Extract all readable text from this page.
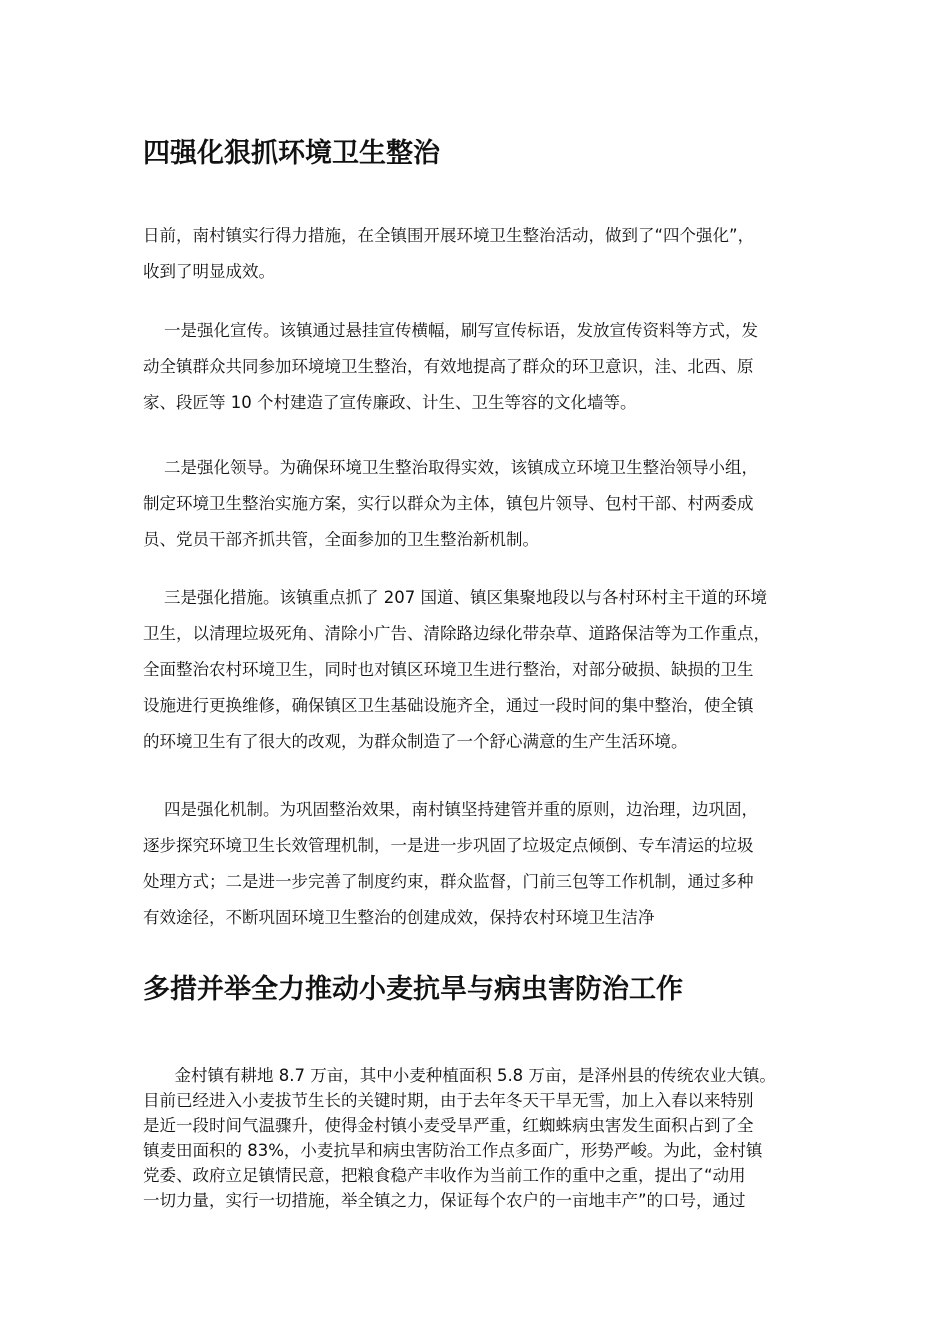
四强化狠抓环境卫生整治

日前，南村镇实行得力措施，在全镇围开展环境卫生整治活动，做到了“四个强化”，
收到了明显成效。

一是强化宣传。该镇通过悬挂宣传横幅，刷写宣传标语，发放宣传资料等方式，发
动全镇群众共同参加环境境卫生整治，有效地提高了群众的环卫意识，洼、北西、原
家、段匠等 10 个村建造了宣传廉政、计生、卫生等容的文化墙等。

二是强化领导。为确保环境卫生整治取得实效，该镇成立环境卫生整治领导小组，
制定环境卫生整治实施方案，实行以群众为主体，镇包片领导、包村干部、村两委成
员、党员干部齐抓共管，全面参加的卫生整治新机制。

三是强化措施。该镇重点抓了 207 国道、镇区集聚地段以与各村环村主干道的环境
卫生，以清理垃圾死角、清除小广告、清除路边绿化带杂草、道路保洁等为工作重点，
全面整治农村环境卫生，同时也对镇区环境卫生进行整治，对部分破损、缺损的卫生
设施进行更换维修，确保镇区卫生基础设施齐全，通过一段时间的集中整治，使全镇
的环境卫生有了很大的改观，为群众制造了一个舒心满意的生产生活环境。

四是强化机制。为巩固整治效果，南村镇坚持建管并重的原则，边治理，边巩固，
逐步探究环境卫生长效管理机制，一是进一步巩固了垃圾定点倾倒、专车清运的垃圾
处理方式；二是进一步完善了制度约束，群众监督，门前三包等工作机制，通过多种
有效途径，不断巩固环境卫生整治的创建成效，保持农村环境卫生洁净

多措并举全力推动小麦抗旱与病虫害防治工作

金村镇有耕地 8.7 万亩，其中小麦种植面积 5.8 万亩，是泽州县的传统农业大镇。
目前已经进入小麦拔节生长的关键时期，由于去年冬天干旱无雪，加上入春以来特别
是近一段时间气温骤升，使得金村镇小麦受旱严重，红蜘蛛病虫害发生面积占到了全
镇麦田面积的 83%，小麦抗旱和病虫害防治工作点多面广，形势严峻。为此，金村镇
党委、政府立足镇情民意，把粮食稳产丰收作为当前工作的重中之重，提出了“动用
一切力量，实行一切措施，举全镇之力，保证每个农户的一亩地丰产”的口号，通过
